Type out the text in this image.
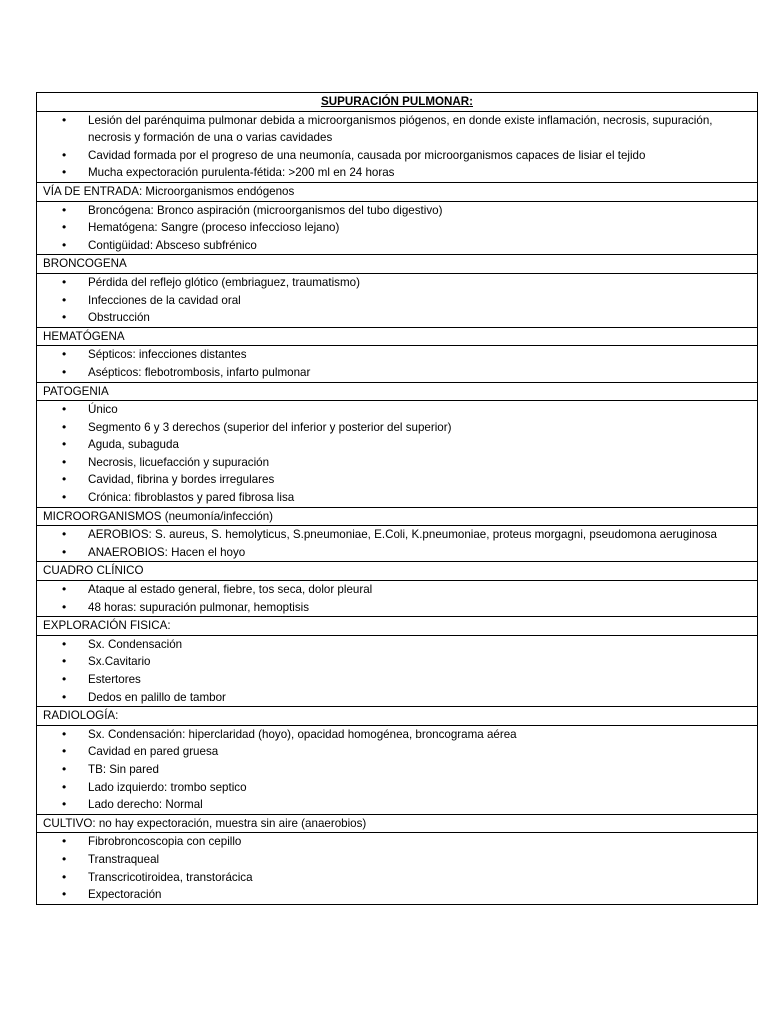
SUPURACIÓN PULMONAR:

• Lesión del parénquima pulmonar debida a microorganismos piógenos, en donde existe inflamación, necrosis, supuración, necrosis y formación de una o varias cavidades
• Cavidad formada por el progreso de una neumonía, causada por microorganismos capaces de lisiar el tejido
• Mucha expectoración purulenta-fétida: >200 ml en 24 horas

VÍA DE ENTRADA: Microorganismos endógenos

• Broncógena: Bronco aspiración (microorganismos del tubo digestivo)
• Hematógena: Sangre (proceso infeccioso lejano)
• Contigüidad: Absceso subfrénico

BRONCOGENA

• Pérdida del reflejo glótico (embriaguez, traumatismo)
• Infecciones de la cavidad oral
• Obstrucción

HEMATÓGENA

• Sépticos: infecciones distantes
• Asépticos: flebotrombosis, infarto pulmonar

PATOGENIA

• Único
• Segmento 6 y 3 derechos (superior del inferior y posterior del superior)
• Aguda, subaguda
• Necrosis, licuefacción y supuración
• Cavidad, fibrina y bordes irregulares
• Crónica: fibroblastos y pared fibrosa lisa

MICROORGANISMOS (neumonía/infección)

• AEROBIOS: S. aureus, S. hemolyticus, S.pneumoniae, E.Coli, K.pneumoniae, proteus morgagni, pseudomona aeruginosa
• ANAEROBIOS: Hacen el hoyo

CUADRO CLÍNICO

• Ataque al estado general, fiebre, tos seca, dolor pleural
• 48 horas: supuración pulmonar, hemoptisis

EXPLORACIÓN FISICA:

• Sx. Condensación
• Sx.Cavitario
• Estertores
• Dedos en palillo de tambor

RADIOLOGÍA:

• Sx. Condensación: hiperclaridad (hoyo), opacidad homogénea, broncograma aérea
• Cavidad en pared gruesa
• TB: Sin pared
• Lado izquierdo: trombo septico
• Lado derecho: Normal

CULTIVO: no hay expectoración, muestra sin aire (anaerobios)

• Fibrobroncoscopia con cepillo
• Transtraqueal
• Transcricotiroidea, transtorácica
• Expectoración
